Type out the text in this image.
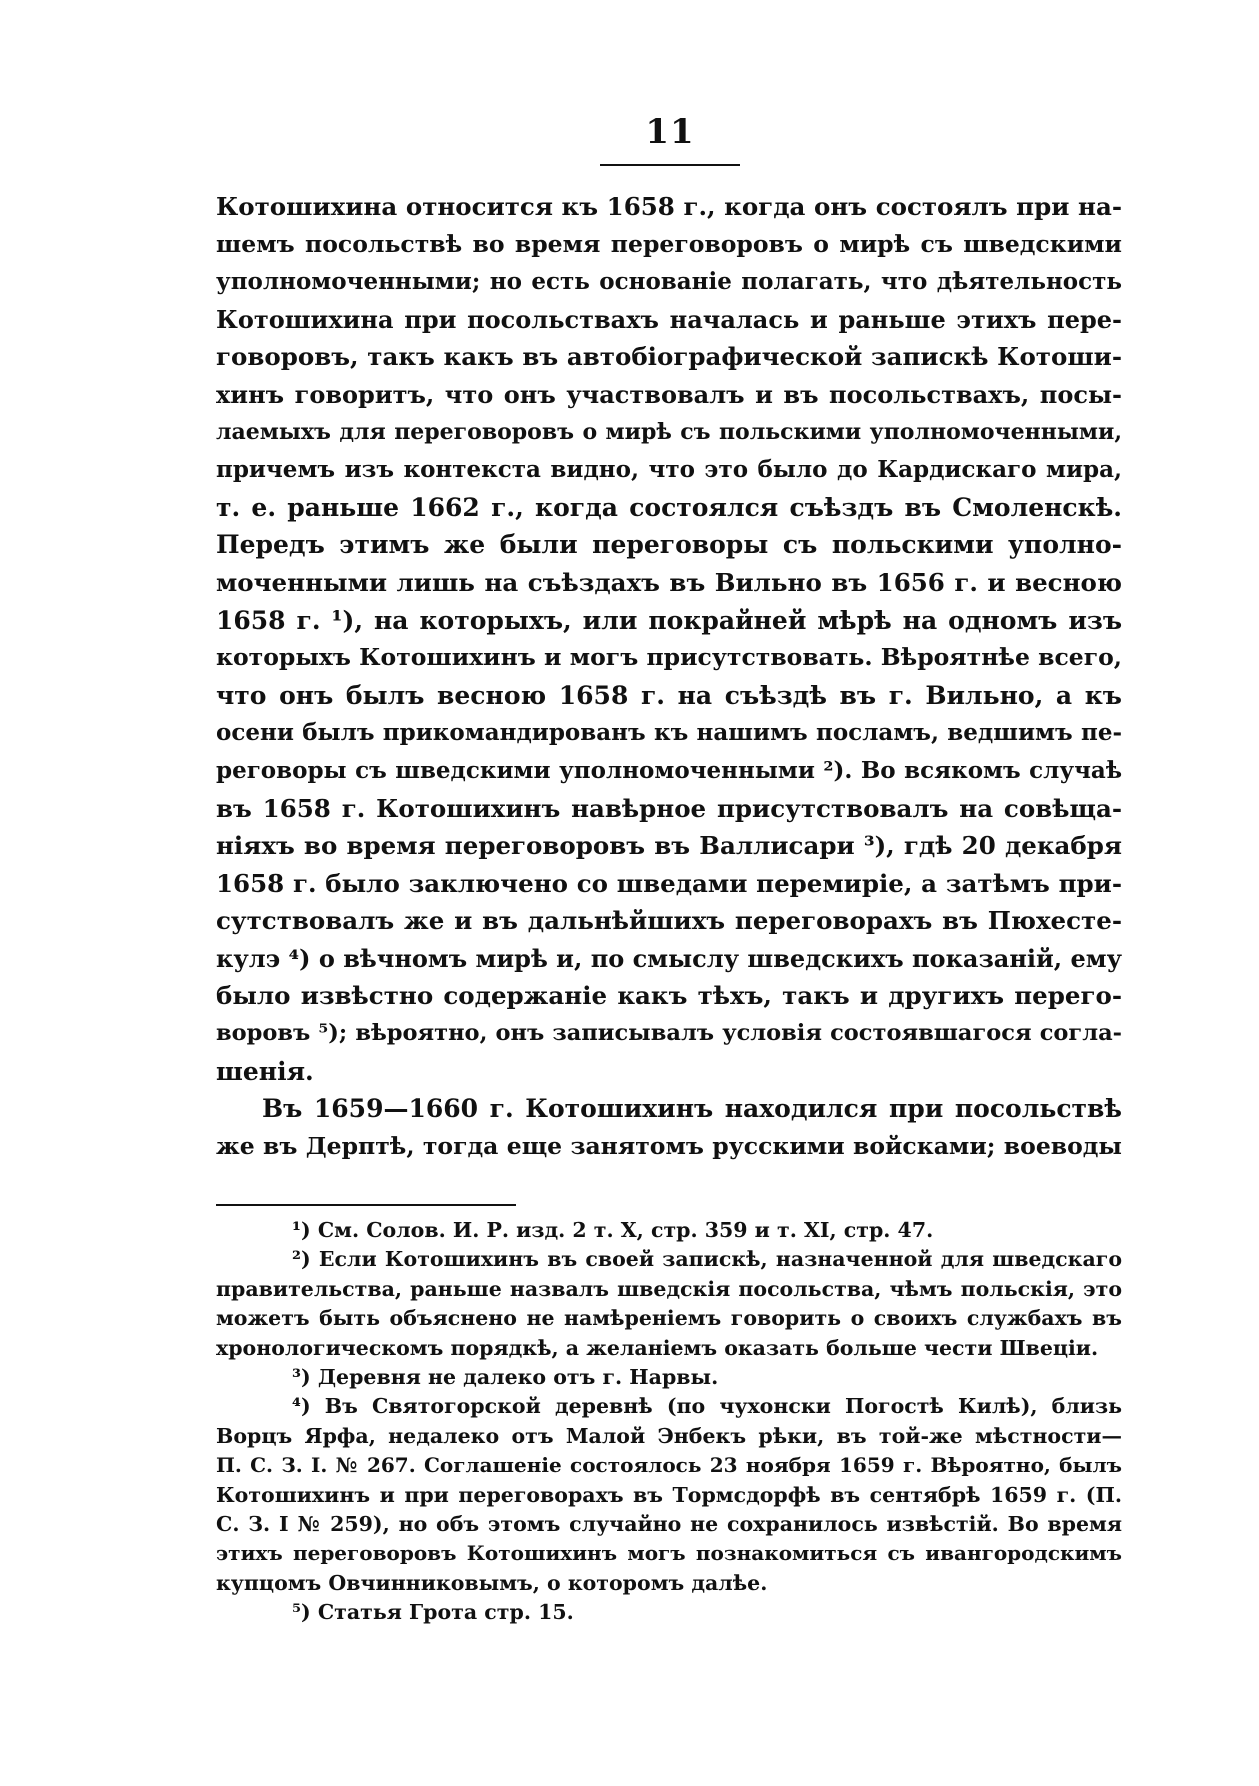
11
Котошихина относится къ 1658 г., когда онъ состоялъ при на-
шемъ посольствѣ во время переговоровъ о мирѣ съ шведскими
уполномоченными; но есть основаніе полагать, что дѣятельность
Котошихина при посольствахъ началась и раньше этихъ пере-
говоровъ, такъ какъ въ автобіографической запискѣ Котоши-
хинъ говоритъ, что онъ участвовалъ и въ посольствахъ, посы-
лаемыхъ для переговоровъ о мирѣ съ польскими уполномоченными,
причемъ изъ контекста видно, что это было до Кардискаго мира,
т. е. раньше 1662 г., когда состоялся съѣздъ въ Смоленскѣ.
Передъ этимъ же были переговоры съ польскими уполно-
моченными лишь на съѣздахъ въ Вильно въ 1656 г. и весною
1658 г. ¹), на которыхъ, или покрайней мѣрѣ на одномъ изъ
которыхъ Котошихинъ и могъ присутствовать. Вѣроятнѣе всего,
что онъ былъ весною 1658 г. на съѣздѣ въ г. Вильно, а къ
осени былъ прикомандированъ къ нашимъ посламъ, ведшимъ пе-
реговоры съ шведскими уполномоченными ²). Во всякомъ случаѣ
въ 1658 г. Котошихинъ навѣрное присутствовалъ на совѣща-
ніяхъ во время переговоровъ въ Валлисари ³), гдѣ 20 декабря
1658 г. было заключено со шведами перемиріе, а затѣмъ при-
сутствовалъ же и въ дальнѣйшихъ переговорахъ въ Пюхесте-
кулэ ⁴) о вѣчномъ мирѣ и, по смыслу шведскихъ показаній, ему
было извѣстно содержаніе какъ тѣхъ, такъ и другихъ перего-
воровъ ⁵); вѣроятно, онъ записывалъ условія состоявшагося согла-
шенія.
Въ 1659—1660 г. Котошихинъ находился при посольствѣ
же въ Дерптѣ, тогда еще занятомъ русскими войсками; воеводы
¹) См. Солов. И. Р. изд. 2 т. X, стр. 359 и т. XI, стр. 47.
²) Если Котошихинъ въ своей запискѣ, назначенной для шведскаго
правительства, раньше назвалъ шведскія посольства, чѣмъ польскія, это
можетъ быть объяснено не намѣреніемъ говорить о своихъ службахъ въ
хронологическомъ порядкѣ, а желаніемъ оказать больше чести Швеціи.
³) Деревня не далеко отъ г. Нарвы.
⁴) Въ Святогорской деревнѣ (по чухонски Погостѣ Килѣ), близь
Ворцъ Ярфа, недалеко отъ Малой Энбекъ рѣки, въ той-же мѣстности—
П. С. З. I. № 267. Соглашеніе состоялось 23 ноября 1659 г. Вѣроятно, былъ
Котошихинъ и при переговорахъ въ Тормсдорфѣ въ сентябрѣ 1659 г. (П.
С. З. I № 259), но объ этомъ случайно не сохранилось извѣстій. Во время
этихъ переговоровъ Котошихинъ могъ познакомиться съ ивангородскимъ
купцомъ Овчинниковымъ, о которомъ далѣе.
⁵) Статья Грота стр. 15.
